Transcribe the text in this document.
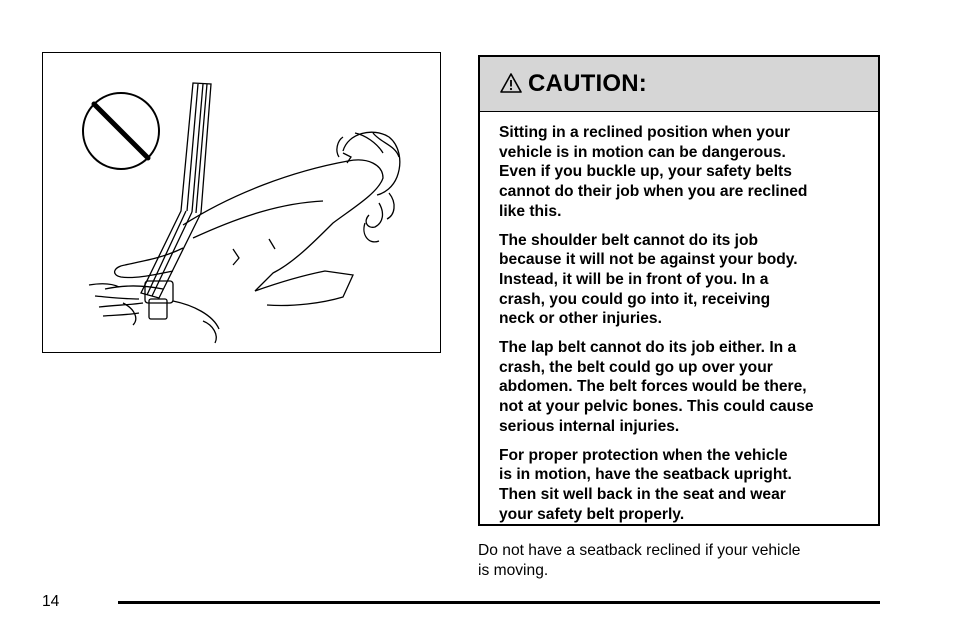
CAUTION:

Sitting in a reclined position when your
vehicle is in motion can be dangerous.
Even if you buckle up, your safety belts
cannot do their job when you are reclined
like this.

The shoulder belt cannot do its job
because it will not be against your body.
Instead, it will be in front of you. In a
crash, you could go into it, receiving
neck or other injuries.

The lap belt cannot do its job either. In a
crash, the belt could go up over your
abdomen. The belt forces would be there,
not at your pelvic bones. This could cause
serious internal injuries.

For proper protection when the vehicle
is in motion, have the seatback upright.
Then sit well back in the seat and wear
your safety belt properly.

Do not have a seatback reclined if your vehicle
is moving.
14
